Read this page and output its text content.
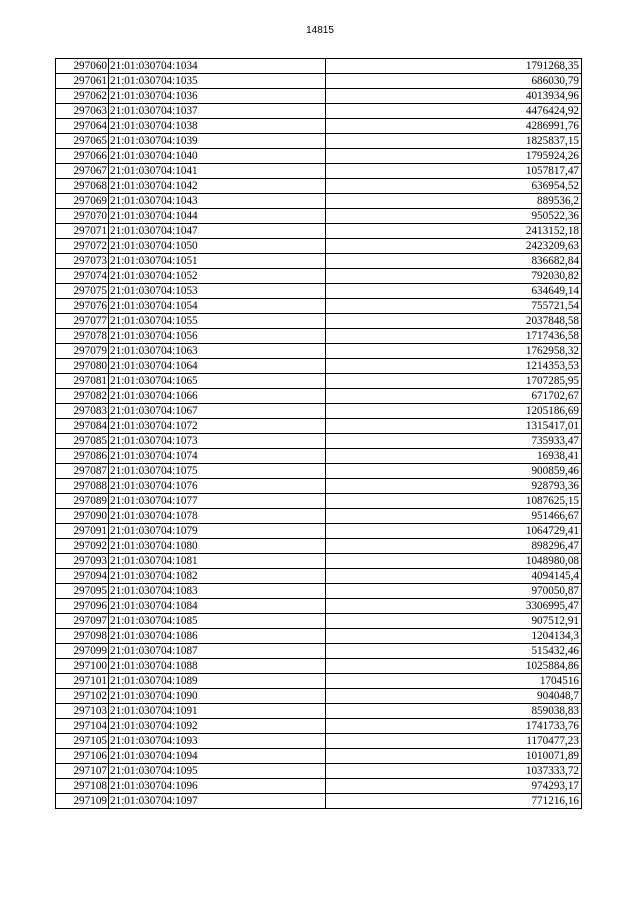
14815
297060	21:01:030704:1034	1791268,35
297061	21:01:030704:1035	686030,79
297062	21:01:030704:1036	4013934,96
297063	21:01:030704:1037	4476424,92
297064	21:01:030704:1038	4286991,76
297065	21:01:030704:1039	1825837,15
297066	21:01:030704:1040	1795924,26
297067	21:01:030704:1041	1057817,47
297068	21:01:030704:1042	636954,52
297069	21:01:030704:1043	889536,2
297070	21:01:030704:1044	950522,36
297071	21:01:030704:1047	2413152,18
297072	21:01:030704:1050	2423209,63
297073	21:01:030704:1051	836682,84
297074	21:01:030704:1052	792030,82
297075	21:01:030704:1053	634649,14
297076	21:01:030704:1054	755721,54
297077	21:01:030704:1055	2037848,58
297078	21:01:030704:1056	1717436,58
297079	21:01:030704:1063	1762958,32
297080	21:01:030704:1064	1214353,53
297081	21:01:030704:1065	1707285,95
297082	21:01:030704:1066	671702,67
297083	21:01:030704:1067	1205186,69
297084	21:01:030704:1072	1315417,01
297085	21:01:030704:1073	735933,47
297086	21:01:030704:1074	16938,41
297087	21:01:030704:1075	900859,46
297088	21:01:030704:1076	928793,36
297089	21:01:030704:1077	1087625,15
297090	21:01:030704:1078	951466,67
297091	21:01:030704:1079	1064729,41
297092	21:01:030704:1080	898296,47
297093	21:01:030704:1081	1048980,08
297094	21:01:030704:1082	4094145,4
297095	21:01:030704:1083	970050,87
297096	21:01:030704:1084	3306995,47
297097	21:01:030704:1085	907512,91
297098	21:01:030704:1086	1204134,3
297099	21:01:030704:1087	515432,46
297100	21:01:030704:1088	1025884,86
297101	21:01:030704:1089	1704516
297102	21:01:030704:1090	904048,7
297103	21:01:030704:1091	859038,83
297104	21:01:030704:1092	1741733,76
297105	21:01:030704:1093	1170477,23
297106	21:01:030704:1094	1010071,89
297107	21:01:030704:1095	1037333,72
297108	21:01:030704:1096	974293,17
297109	21:01:030704:1097	771216,16
